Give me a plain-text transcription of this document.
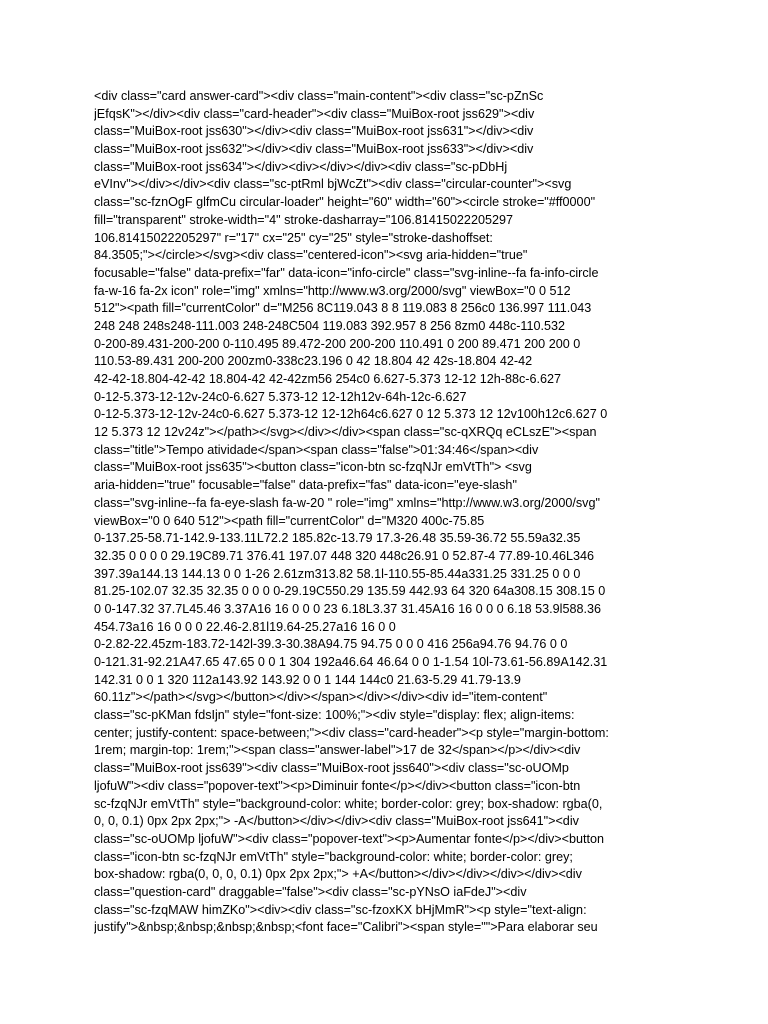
<div class="card answer-card"><div class="main-content"><div class="sc-pZnSc
jEfqsK"></div><div class="card-header"><div class="MuiBox-root jss629"><div
class="MuiBox-root jss630"></div><div class="MuiBox-root jss631"></div><div
class="MuiBox-root jss632"></div><div class="MuiBox-root jss633"></div><div
class="MuiBox-root jss634"></div><div></div></div><div class="sc-pDbHj
eVInv"></div></div><div class="sc-ptRml bjWcZt"><div class="circular-counter"><svg
class="sc-fznOgF glfmCu circular-loader" height="60" width="60"><circle stroke="#ff0000"
fill="transparent" stroke-width="4" stroke-dasharray="106.81415022205297
106.81415022205297" r="17" cx="25" cy="25" style="stroke-dashoffset:
84.3505;"></circle></svg><div class="centered-icon"><svg aria-hidden="true"
focusable="false" data-prefix="far" data-icon="info-circle" class="svg-inline--fa fa-info-circle
fa-w-16 fa-2x icon" role="img" xmlns="http://www.w3.org/2000/svg" viewBox="0 0 512
512"><path fill="currentColor" d="M256 8C119.043 8 8 119.083 8 256c0 136.997 111.043
248 248 248s248-111.003 248-248C504 119.083 392.957 8 256 8zm0 448c-110.532
0-200-89.431-200-200 0-110.495 89.472-200 200-200 110.491 0 200 89.471 200 200 0
110.53-89.431 200-200 200zm0-338c23.196 0 42 18.804 42 42s-18.804 42-42
42-42-18.804-42-42 18.804-42 42-42zm56 254c0 6.627-5.373 12-12 12h-88c-6.627
0-12-5.373-12-12v-24c0-6.627 5.373-12 12-12h12v-64h-12c-6.627
0-12-5.373-12-12v-24c0-6.627 5.373-12 12-12h64c6.627 0 12 5.373 12 12v100h12c6.627 0
12 5.373 12 12v24z"></path></svg></div></div><span class="sc-qXRQq eCLszE"><span
class="title">Tempo atividade</span><span class="false">01:34:46</span><div
class="MuiBox-root jss635"><button class="icon-btn sc-fzqNJr emVtTh"> <svg
aria-hidden="true" focusable="false" data-prefix="fas" data-icon="eye-slash"
class="svg-inline--fa fa-eye-slash fa-w-20 " role="img" xmlns="http://www.w3.org/2000/svg"
viewBox="0 0 640 512"><path fill="currentColor" d="M320 400c-75.85
0-137.25-58.71-142.9-133.11L72.2 185.82c-13.79 17.3-26.48 35.59-36.72 55.59a32.35
32.35 0 0 0 0 29.19C89.71 376.41 197.07 448 320 448c26.91 0 52.87-4 77.89-10.46L346
397.39a144.13 144.13 0 0 1-26 2.61zm313.82 58.1l-110.55-85.44a331.25 331.25 0 0 0
81.25-102.07 32.35 32.35 0 0 0 0-29.19C550.29 135.59 442.93 64 320 64a308.15 308.15 0
0 0-147.32 37.7L45.46 3.37A16 16 0 0 0 23 6.18L3.37 31.45A16 16 0 0 0 6.18 53.9l588.36
454.73a16 16 0 0 0 22.46-2.81l19.64-25.27a16 16 0 0
0-2.82-22.45zm-183.72-142l-39.3-30.38A94.75 94.75 0 0 0 416 256a94.76 94.76 0 0
0-121.31-92.21A47.65 47.65 0 0 1 304 192a46.64 46.64 0 0 1-1.54 10l-73.61-56.89A142.31
142.31 0 0 1 320 112a143.92 143.92 0 0 1 144 144c0 21.63-5.29 41.79-13.9
60.11z"></path></svg></button></div></span></div></div><div id="item-content"
class="sc-pKMan fdsIjn" style="font-size: 100%;"><div style="display: flex; align-items:
center; justify-content: space-between;"><div class="card-header"><p style="margin-bottom:
1rem; margin-top: 1rem;"><span class="answer-label">17 de 32</span></p></div><div
class="MuiBox-root jss639"><div class="MuiBox-root jss640"><div class="sc-oUOMp
ljofuW"><div class="popover-text"><p>Diminuir fonte</p></div><button class="icon-btn
sc-fzqNJr emVtTh" style="background-color: white; border-color: grey; box-shadow: rgba(0,
0, 0, 0.1) 0px 2px 2px;"> -A</button></div></div><div class="MuiBox-root jss641"><div
class="sc-oUOMp ljofuW"><div class="popover-text"><p>Aumentar fonte</p></div><button
class="icon-btn sc-fzqNJr emVtTh" style="background-color: white; border-color: grey;
box-shadow: rgba(0, 0, 0, 0.1) 0px 2px 2px;"> +A</button></div></div></div></div><div
class="question-card" draggable="false"><div class="sc-pYNsO iaFdeJ"><div
class="sc-fzqMAW himZKo"><div><div class="sc-fzoxKX bHjMmR"><p style="text-align:
justify">&nbsp;&nbsp;&nbsp;&nbsp;<font face="Calibri"><span style="">Para elaborar seu
